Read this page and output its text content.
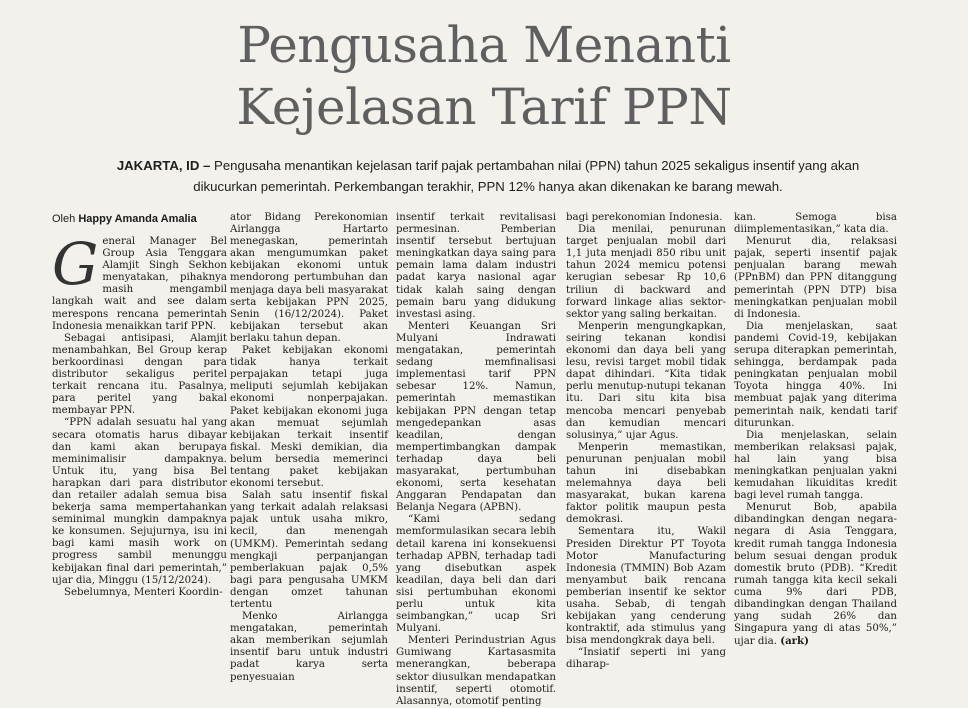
Pengusaha Menanti
Kejelasan Tarif PPN
JAKARTA, ID – Pengusaha menantikan kejelasan tarif pajak pertambahan nilai (PPN) tahun 2025 sekaligus insentif yang akan dikucurkan pemerintah. Perkembangan terakhir, PPN 12% hanya akan dikenakan ke barang mewah.
Oleh Happy Amanda Amalia
G eneral Manager Bel Group Asia Tenggara Alamjit Singh Sekhon menyatakan, pihaknya masih mengambil langkah wait and see dalam merespons rencana pemerintah Indonesia menaikkan tarif PPN.

Sebagai antisipasi, Alamjit menambahkan, Bel Group kerap berkoordinasi dengan para distributor sekaligus peritel terkait rencana itu. Pasalnya, para peritel yang bakal membayar PPN.

“PPN adalah sesuatu hal yang secara otomatis harus dibayar dan kami akan berupaya meminimalisir dampaknya. Untuk itu, yang bisa Bel harapkan dari para distributor dan retailer adalah semua bisa bekerja sama mempertahankan seminimal mungkin dampaknya ke konsumen. Sejujurnya, isu ini bagi kami masih work on progress sambil menunggu kebijakan final dari pemerintah,” ujar dia, Minggu (15/12/2024).

Sebelumnya, Menteri Koordin-

ator Bidang Perekonomian Airlangga Hartarto menegaskan, pemerintah akan mengumumkan paket kebijakan ekonomi untuk mendorong pertumbuhan dan menjaga daya beli masyarakat serta kebijakan PPN 2025, Senin (16/12/2024). Paket kebijakan tersebut akan berlaku tahun depan.

Paket kebijakan ekonomi tidak hanya terkait perpajakan tetapi juga meliputi sejumlah kebijakan ekonomi nonperpajakan. Paket kebijakan ekonomi juga akan memuat sejumlah kebijakan terkait insentif fiskal. Meski demikian, dia belum bersedia memerinci tentang paket kebijakan ekonomi tersebut.

Salah satu insentif fiskal yang terkait adalah relaksasi pajak untuk usaha mikro, kecil, dan menengah (UMKM). Pemerintah sedang mengkaji perpanjangan pemberlakuan pajak 0,5% bagi para pengusaha UMKM dengan omzet tahunan tertentu

Menko Airlangga mengatakan, pemerintah akan memberikan sejumlah insentif baru untuk industri padat karya serta penyesuaian

insentif terkait revitalisasi permesinan. Pemberian insentif tersebut bertujuan meningkatkan daya saing para pemain lama dalam industri padat karya nasional agar tidak kalah saing dengan pemain baru yang didukung investasi asing.

Menteri Keuangan Sri Mulyani Indrawati mengatakan, pemerintah sedang memfinalisasi implementasi tarif PPN sebesar 12%. Namun, pemerintah memastikan kebijakan PPN dengan tetap mengedepankan asas keadilan, dengan mempertimbangkan dampak terhadap daya beli masyarakat, pertumbuhan ekonomi, serta kesehatan Anggaran Pendapatan dan Belanja Negara (APBN).

“Kami sedang memformulasikan secara lebih detail karena ini konsekuensi terhadap APBN, terhadap tadi yang disebutkan aspek keadilan, daya beli dan dari sisi pertumbuhan ekonomi perlu untuk kita seimbangkan,” ucap Sri Mulyani.

Menteri Perindustrian Agus Gumiwang Kartasasmita menerangkan, beberapa sektor diusulkan mendapatkan insentif, seperti otomotif. Alasannya, otomotif penting

bagi perekonomian Indonesia.

Dia menilai, penurunan target penjualan mobil dari 1,1 juta menjadi 850 ribu unit tahun 2024 memicu potensi kerugian sebesar Rp 10,6 triliun di backward and forward linkage alias sektor-sektor yang saling berkaitan.

Menperin mengungkapkan, seiring tekanan kondisi ekonomi dan daya beli yang lesu, revisi target mobil tidak dapat dihindari. “Kita tidak perlu menutup-nutupi tekanan itu. Dari situ kita bisa mencoba mencari penyebab dan kemudian mencari solusinya,” ujar Agus.

Menperin memastikan, penurunan penjualan mobil tahun ini disebabkan melemahnya daya beli masyarakat, bukan karena faktor politik maupun pesta demokrasi.

Sementara itu, Wakil Presiden Direktur PT Toyota Motor Manufacturing Indonesia (TMMIN) Bob Azam menyambut baik rencana pemberian insentif ke sektor usaha. Sebab, di tengah kebijakan yang cenderung kontraktif, ada stimulus yang bisa mendongkrak daya beli.

“Insiatif seperti ini yang diharap-

kan. Semoga bisa diimplementasikan,” kata dia.

Menurut dia, relaksasi pajak, seperti insentif pajak penjualan barang mewah (PPnBM) dan PPN ditanggung pemerintah (PPN DTP) bisa meningkatkan penjualan mobil di Indonesia.

Dia menjelaskan, saat pandemi Covid-19, kebijakan serupa diterapkan pemerintah, sehingga, berdampak pada peningkatan penjualan mobil Toyota hingga 40%. Ini membuat pajak yang diterima pemerintah naik, kendati tarif diturunkan.

Dia menjelaskan, selain memberikan relaksasi pajak, hal lain yang bisa meningkatkan penjualan yakni kemudahan likuiditas kredit bagi level rumah tangga.

Menurut Bob, apabila dibandingkan dengan negara-negara di Asia Tenggara, kredit rumah tangga Indonesia belum sesuai dengan produk domestik bruto (PDB). “Kredit rumah tangga kita kecil sekali cuma 9% dari PDB, dibandingkan dengan Thailand yang sudah 26% dan Singapura yang di atas 50%,” ujar dia. (ark)
